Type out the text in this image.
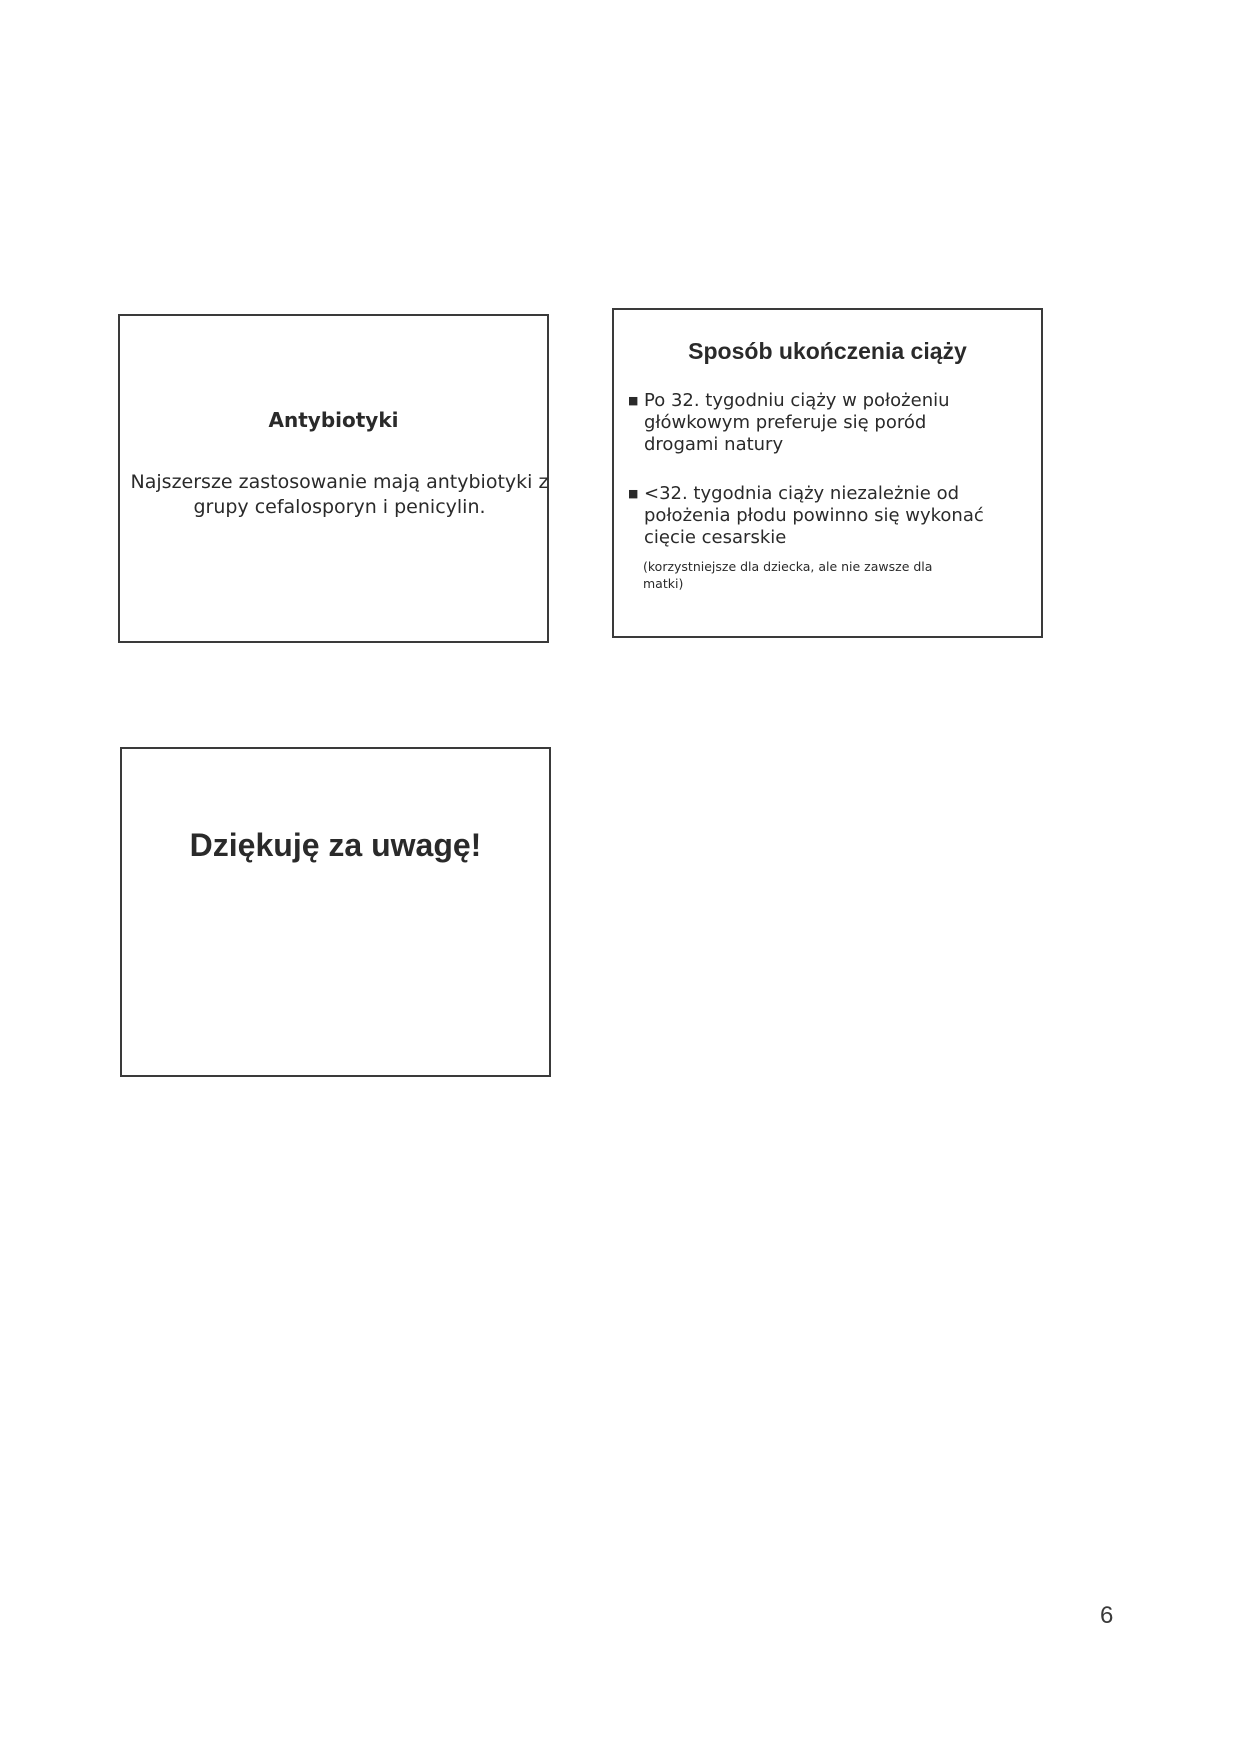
Antybiotyki
Najszersze zastosowanie mają antybiotyki z
grupy cefalosporyn i penicylin.
Sposób ukończenia ciąży
■ Po 32. tygodniu ciąży w położeniu
główkowym preferuje się poród
drogami natury
■ <32. tygodnia ciąży niezależnie od
położenia płodu powinno się wykonać
cięcie cesarskie
(korzystniejsze dla dziecka, ale nie zawsze dla
matki)
Dziękuję za uwagę!
6
